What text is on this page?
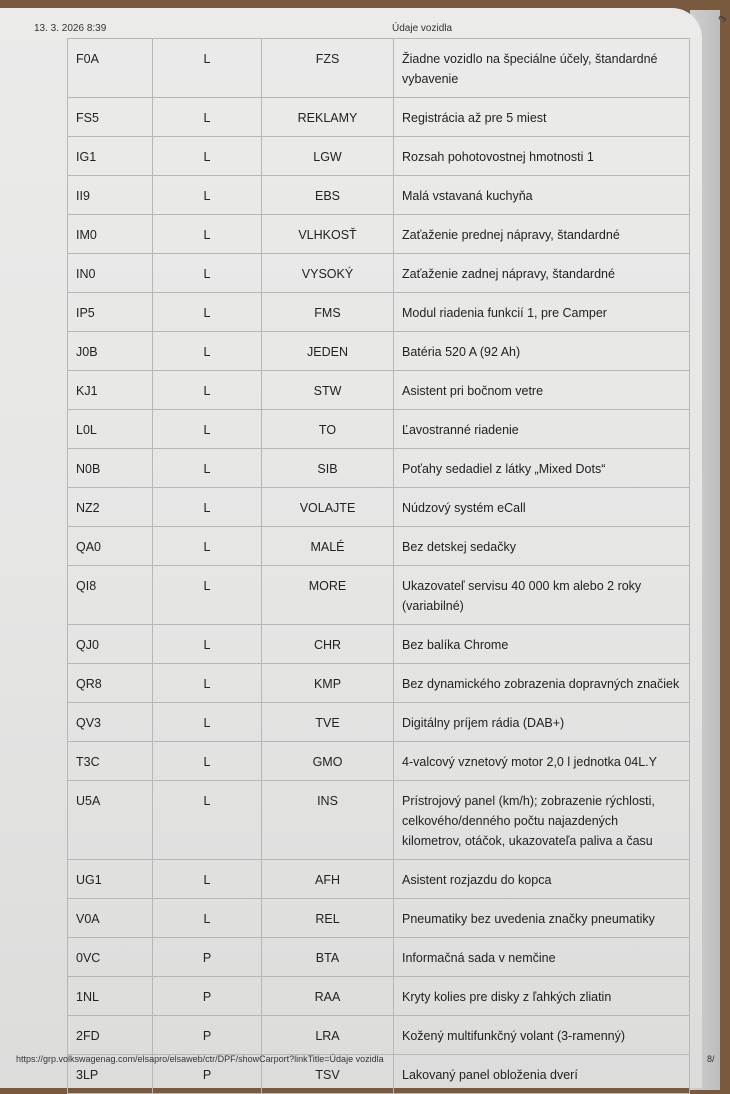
3
13. 3. 2026 8:39	Údaje vozidla
F0A	L	FZS	Žiadne vozidlo na špeciálne účely, štandardné vybavenie
FS5	L	REKLAMY	Registrácia až pre 5 miest
IG1	L	LGW	Rozsah pohotovostnej hmotnosti 1
II9	L	EBS	Malá vstavaná kuchyňa
IM0	L	VLHKOSŤ	Zaťaženie prednej nápravy, štandardné
IN0	L	VYSOKÝ	Zaťaženie zadnej nápravy, štandardné
IP5	L	FMS	Modul riadenia funkcií 1, pre Camper
J0B	L	JEDEN	Batéria 520 A (92 Ah)
KJ1	L	STW	Asistent pri bočnom vetre
L0L	L	TO	Ľavostranné riadenie
N0B	L	SIB	Poťahy sedadiel z látky „Mixed Dots“
NZ2	L	VOLAJTE	Núdzový systém eCall
QA0	L	MALÉ	Bez detskej sedačky
QI8	L	MORE	Ukazovateľ servisu 40 000 km alebo 2 roky (variabilné)
QJ0	L	CHR	Bez balíka Chrome
QR8	L	KMP	Bez dynamického zobrazenia dopravných značiek
QV3	L	TVE	Digitálny príjem rádia (DAB+)
T3C	L	GMO	4-valcový vznetový motor 2,0 l jednotka 04L.Y
U5A	L	INS	Prístrojový panel (km/h); zobrazenie rýchlosti, celkového/denného počtu najazdených kilometrov, otáčok, ukazovateľa paliva a času
UG1	L	AFH	Asistent rozjazdu do kopca
V0A	L	REL	Pneumatiky bez uvedenia značky pneumatiky
0VC	P	BTA	Informačná sada v nemčine
1NL	P	RAA	Kryty kolies pre disky z ľahkých zliatin
2FD	P	LRA	Kožený multifunkčný volant (3-ramenný)
3LP	P	TSV	Lakovaný panel obloženia dverí
https://grp.volkswagenag.com/elsapro/elsaweb/ctr/DPF/showCarport?linkTitle=Údaje vozidla	8/
